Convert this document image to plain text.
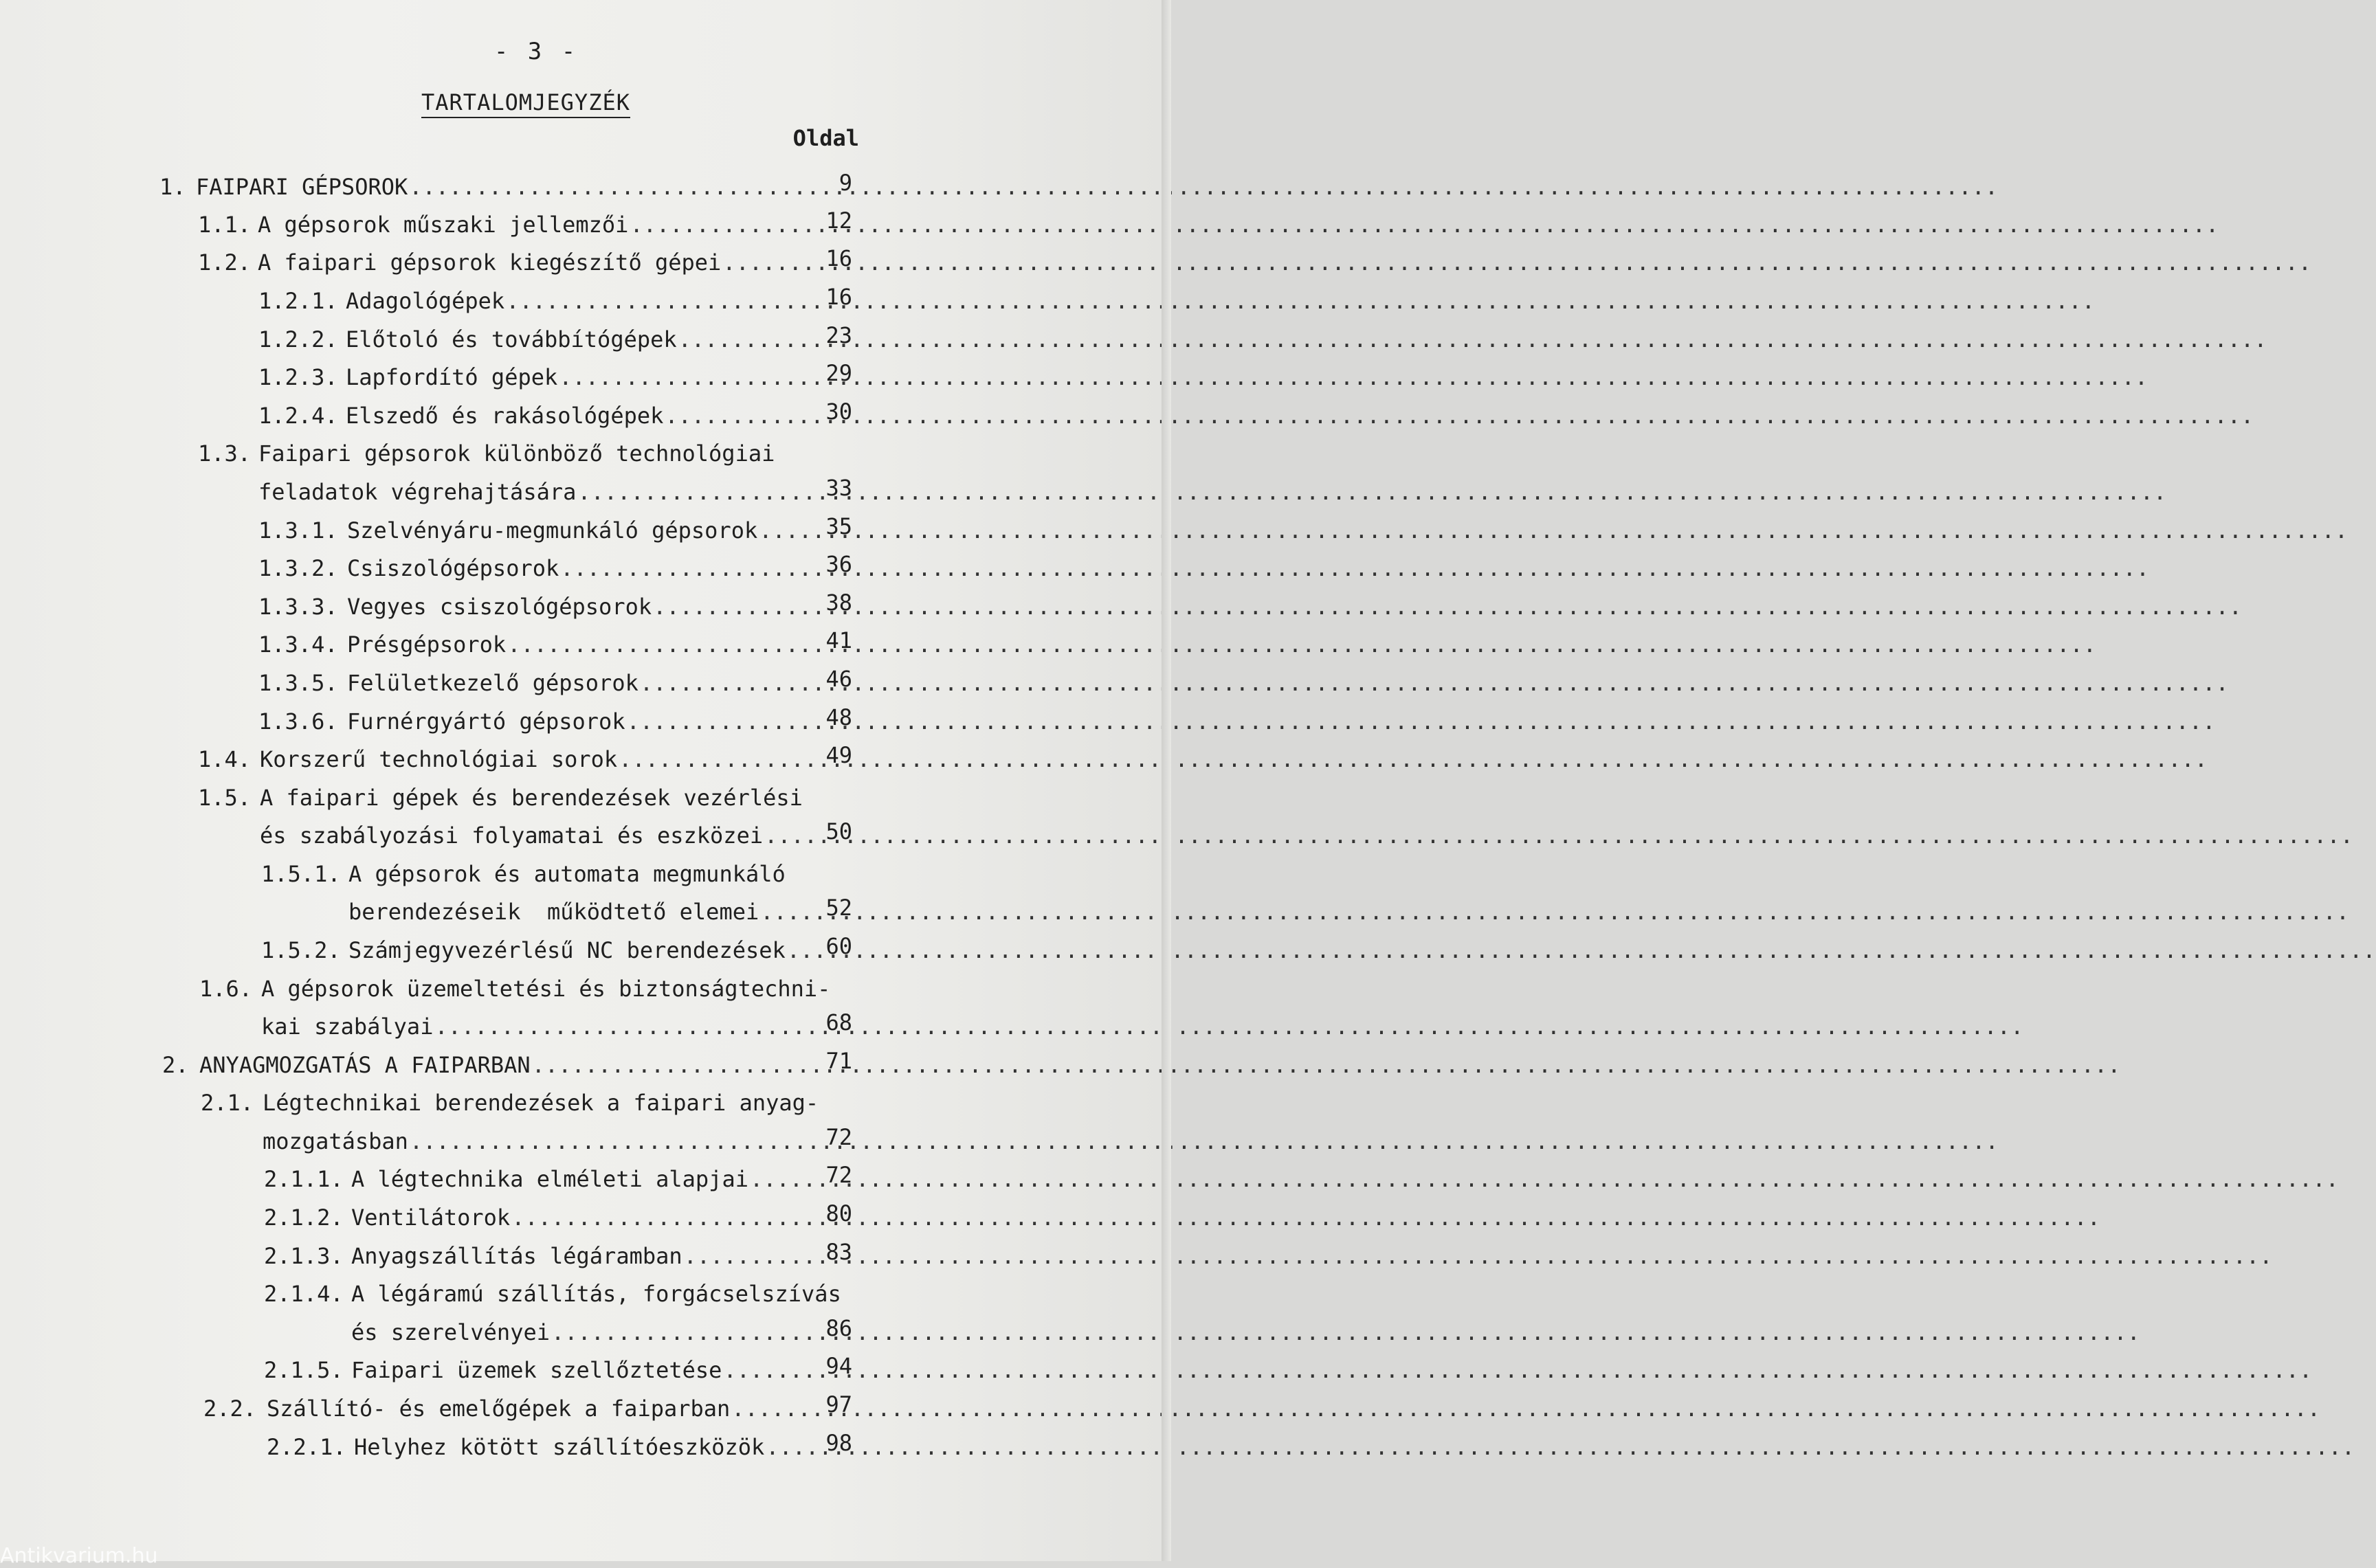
- 3 -
TARTALOMJEGYZÉK
Oldal
1. FAIPARI GÉPSOROK .....	9
1.1. A gépsorok műszaki jellemzői .....	12
1.2. A faipari gépsorok kiegészítő gépei .....	16
1.2.1. Adagológépek .....	16
1.2.2. Előtoló és továbbítógépek .....	23
1.2.3. Lapfordító gépek .....	29
1.2.4. Elszedő és rakásológépek .....	30
1.3. Faipari gépsorok különböző technológiai
feladatok végrehajtására .....	33
1.3.1. Szelvényáru-megmunkáló gépsorok .....	35
1.3.2. Csiszológépsorok .....	36
1.3.3. Vegyes csiszológépsorok .....	38
1.3.4. Présgépsorok .....	41
1.3.5. Felületkezelő gépsorok .....	46
1.3.6. Furnérgyártó gépsorok .....	48
1.4. Korszerű technológiai sorok .....	49
1.5. A faipari gépek és berendezések vezérlési
és szabályozási folyamatai és eszközei .....	50
1.5.1. A gépsorok és automata megmunkáló
berendezéseik  működtető elemei .....	52
1.5.2. Számjegyvezérlésű NC berendezések .....	60
1.6. A gépsorok üzemeltetési és biztonságtechni-
kai szabályai .....	68
2. ANYAGMOZGATÁS A FAIPARBAN .....	71
2.1. Légtechnikai berendezések a faipari anyag-
mozgatásban .....	72
2.1.1. A légtechnika elméleti alapjai .....	72
2.1.2. Ventilátorok .....	80
2.1.3. Anyagszállítás légáramban .....	83
2.1.4. A légáramú szállítás, forgácselszívás
és szerelvényei .....	86
2.1.5. Faipari üzemek szellőztetése .....	94
2.2. Szállító- és emelőgépek a faiparban .....	97
2.2.1. Helyhez kötött szállítóeszközök .....	98
Antikvarium.hu
